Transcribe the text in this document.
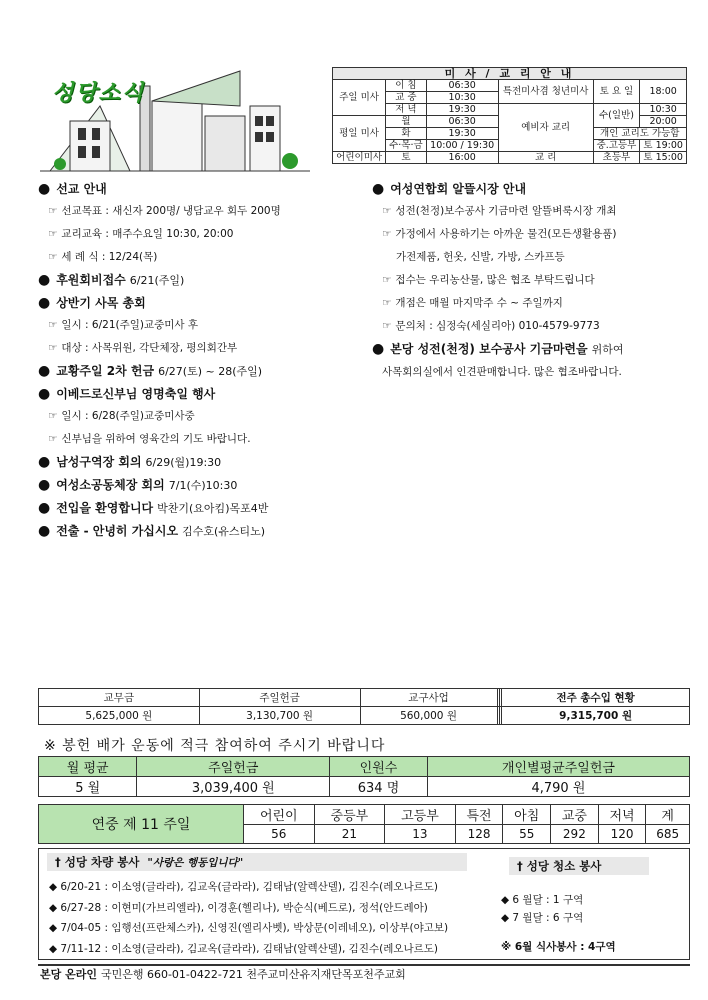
성당소식
미 사 / 교 리 안 내					
주일 미사	이 침	06:30	특전미사겸 청년미사	토 요 일	18:00
	교 중	10:30			
	저 녁	19:30	예비자 교리	수(일반)	10:30
평일 미사	월	06:30			20:00
	화	19:30		개인 교리도 가능함	
	수·목·금	10:00 / 19:30		중.고등부	토 19:00
어린이미사	토	16:00	교 리	초등부	토 15:00
● 선교 안내
☞ 선교목표 : 새신자 200명/ 냉담교우 회두 200명
☞ 교리교육 : 매주수요일 10:30, 20:00
☞ 세 례 식 : 12/24(목)
● 후원회비접수 6/21(주일)
● 상반기 사목 총회
☞ 일시 : 6/21(주일)교중미사 후
☞ 대상 : 사목위원, 각단체장, 평의회간부
● 교황주일 2차 헌금 6/27(토) ~ 28(주일)
● 이베드로신부님 영명축일 행사
☞ 일시 : 6/28(주일)교중미사중
☞ 신부님을 위하여 영육간의 기도 바랍니다.
● 남성구역장 회의 6/29(월)19:30
● 여성소공동체장 회의 7/1(수)10:30
● 전입을 환영합니다 박찬기(요아킴)목포4반
● 전출 - 안녕히 가십시오 김수호(유스티노)
● 여성연합회 알뜰시장 안내
☞ 성전(천정)보수공사 기금마련 알뜰벼룩시장 개최
☞ 가정에서 사용하기는 아까운 물건(모든생활용품)
가전제품, 헌옷, 신발, 가방, 스카프등
☞ 접수는 우리농산물, 많은 협조 부탁드립니다
☞ 개점은 매월 마지막주 수 ~ 주일까지
☞ 문의처 : 심정숙(세실리아) 010-4579-9773
● 본당 성전(천정) 보수공사 기금마련을 위하여
사목회의실에서 인견판매합니다. 많은 협조바랍니다.
교무금	주일헌금	교구사업			전주 총수입 현황
5,625,000 원	3,130,700 원	560,000 원			9,315,700 원
※ 봉헌 배가 운동에 적극 참여하여 주시기 바랍니다
월 평균	주일헌금	인원수	개인별평균주일헌금
5 월	3,039,400 원	634 명	4,790 원
연중 제 11 주일	어린이	중등부	고등부	특전	아침	교중	저녁	계
	56	21	13	128	55	292	120	685
† 성당 차량 봉사 "사랑은 행동입니다"
◆ 6/20-21 : 이소영(글라라), 김교옥(글라라), 김태남(알렉산델), 김진수(레오나르도)
◆ 6/27-28 : 이현미(가브리엘라), 이경훈(헬리나), 박순식(베드로), 정석(안드레아)
◆ 7/04-05 : 임행선(프란체스카), 신영진(엘리사벳), 박상문(이레네오), 이상부(야고보)
◆ 7/11-12 : 이소영(글라라), 김교옥(글라라), 김태남(알렉산델), 김진수(레오나르도)
† 성당 청소 봉사
◆ 6 월달 : 1 구역
◆ 7 월달 : 6 구역
※ 6월 식사봉사 : 4구역
본당 온라인 국민은행 660-01-0422-721 천주교미산유지재단목포천주교회
